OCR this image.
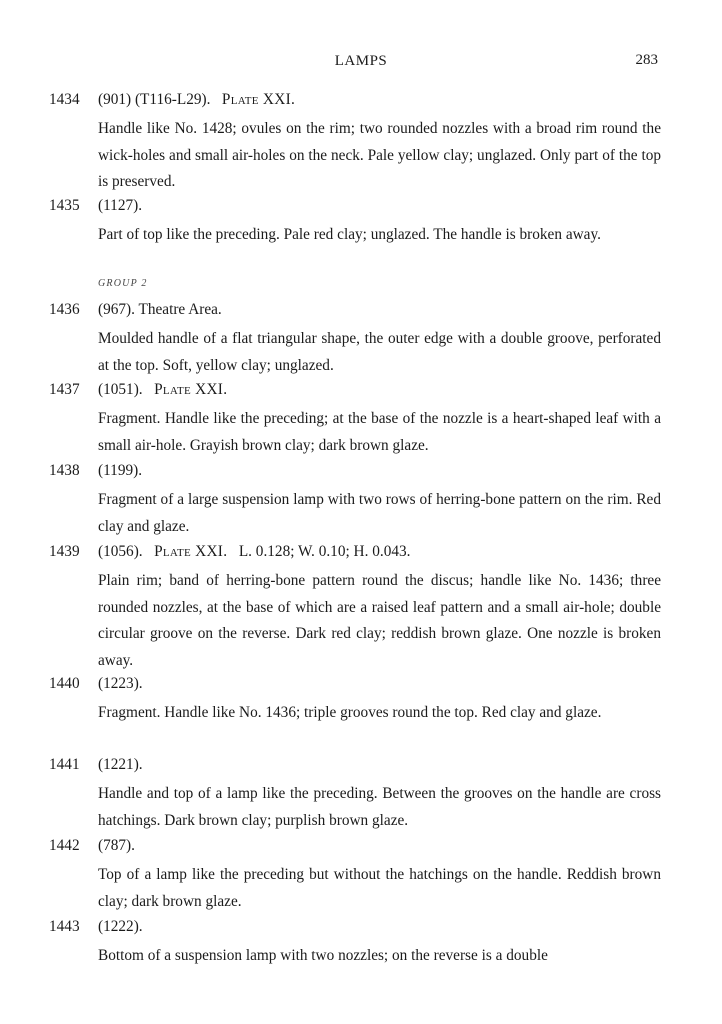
LAMPS	283
1434	(901) (T116-L29). Plate XXI.
Handle like No. 1428; ovules on the rim; two rounded nozzles with a broad rim round the wick-holes and small air-holes on the neck. Pale yellow clay; unglazed. Only part of the top is preserved.
1435	(1127).
Part of top like the preceding. Pale red clay; unglazed. The handle is broken away.
GROUP 2
1436	(967). Theatre Area.
Moulded handle of a flat triangular shape, the outer edge with a double groove, perforated at the top. Soft, yellow clay; unglazed.
1437	(1051). Plate XXI.
Fragment. Handle like the preceding; at the base of the nozzle is a heart-shaped leaf with a small air-hole. Grayish brown clay; dark brown glaze.
1438	(1199).
Fragment of a large suspension lamp with two rows of herring-bone pattern on the rim. Red clay and glaze.
1439	(1056). Plate XXI. L. 0.128; W. 0.10; H. 0.043.
Plain rim; band of herring-bone pattern round the discus; handle like No. 1436; three rounded nozzles, at the base of which are a raised leaf pattern and a small air-hole; double circular groove on the reverse. Dark red clay; reddish brown glaze. One nozzle is broken away.
1440	(1223).
Fragment. Handle like No. 1436; triple grooves round the top. Red clay and glaze.
1441	(1221).
Handle and top of a lamp like the preceding. Between the grooves on the handle are cross hatchings. Dark brown clay; purplish brown glaze.
1442	(787).
Top of a lamp like the preceding but without the hatchings on the handle. Reddish brown clay; dark brown glaze.
1443	(1222).
Bottom of a suspension lamp with two nozzles; on the reverse is a double
